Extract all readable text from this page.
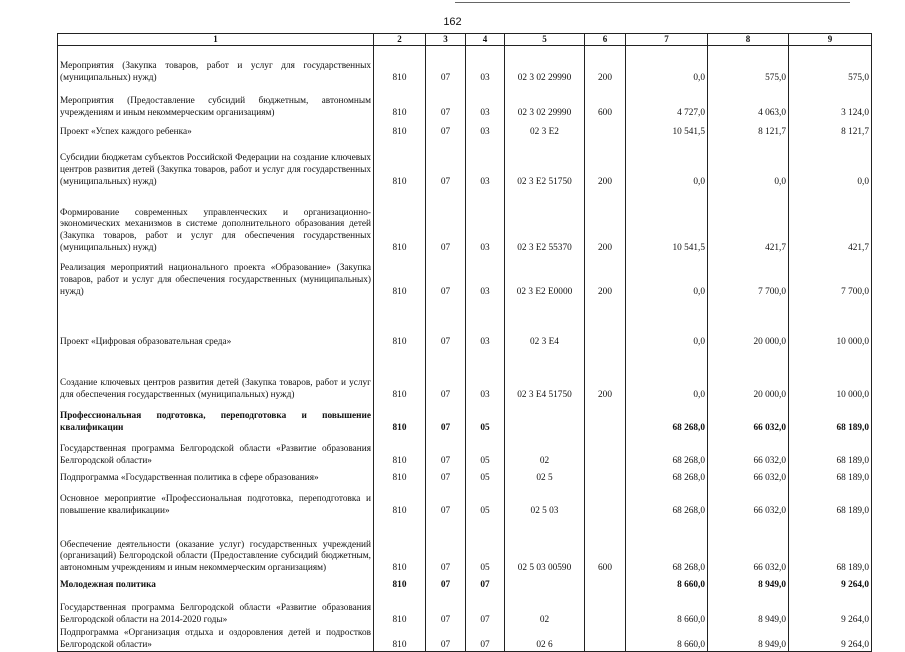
162
1	2	3	4	5	6	7	8	9
Мероприятия (Закупка товаров, работ и услуг для государственных (муниципальных) нужд)	810	07	03	02 3 02 29990	200	0,0	575,0	575,0
Мероприятия (Предоставление субсидий бюджетным, автономным учреждениям и иным некоммерческим организациям)	810	07	03	02 3 02 29990	600	4 727,0	4 063,0	3 124,0
Проект «Успех каждого ребенка»	810	07	03	02 3 E2		10 541,5	8 121,7	8 121,7
Субсидии бюджетам субъектов Российской Федерации на создание ключевых центров развития детей (Закупка товаров, работ и услуг для государственных (муниципальных) нужд)	810	07	03	02 3 E2 51750	200	0,0	0,0	0,0
Формирование современных управленческих и организационно-экономических механизмов в системе дополнительного образования детей (Закупка товаров, работ и услуг для обеспечения государственных (муниципальных) нужд)	810	07	03	02 3 E2 55370	200	10 541,5	421,7	421,7
Реализация мероприятий национального проекта «Образование» (Закупка товаров, работ и услуг для обеспечения государственных (муниципальных) нужд)	810	07	03	02 3 E2 E0000	200	0,0	7 700,0	7 700,0
Проект «Цифровая образовательная среда»	810	07	03	02 3 E4		0,0	20 000,0	10 000,0
Создание ключевых центров развития детей (Закупка товаров, работ и услуг для обеспечения государственных (муниципальных) нужд)	810	07	03	02 3 E4 51750	200	0,0	20 000,0	10 000,0
Профессиональная подготовка, переподготовка и повышение квалификации	810	07	05			68 268,0	66 032,0	68 189,0
Государственная программа Белгородской области «Развитие образования Белгородской области»	810	07	05	02		68 268,0	66 032,0	68 189,0
Подпрограмма «Государственная политика в сфере образования»	810	07	05	02 5		68 268,0	66 032,0	68 189,0
Основное мероприятие «Профессиональная подготовка, переподготовка и повышение квалификации»	810	07	05	02 5 03		68 268,0	66 032,0	68 189,0
Обеспечение деятельности (оказание услуг) государственных учреждений (организаций) Белгородской области (Предоставление субсидий бюджетным, автономным учреждениям и иным некоммерческим организациям)	810	07	05	02 5 03 00590	600	68 268,0	66 032,0	68 189,0
Молодежная политика	810	07	07			8 660,0	8 949,0	9 264,0
Государственная программа Белгородской области «Развитие образования Белгородской области на 2014-2020 годы»	810	07	07	02		8 660,0	8 949,0	9 264,0
Подпрограмма «Организация отдыха и оздоровления детей и подростков Белгородской области»	810	07	07	02 6		8 660,0	8 949,0	9 264,0
